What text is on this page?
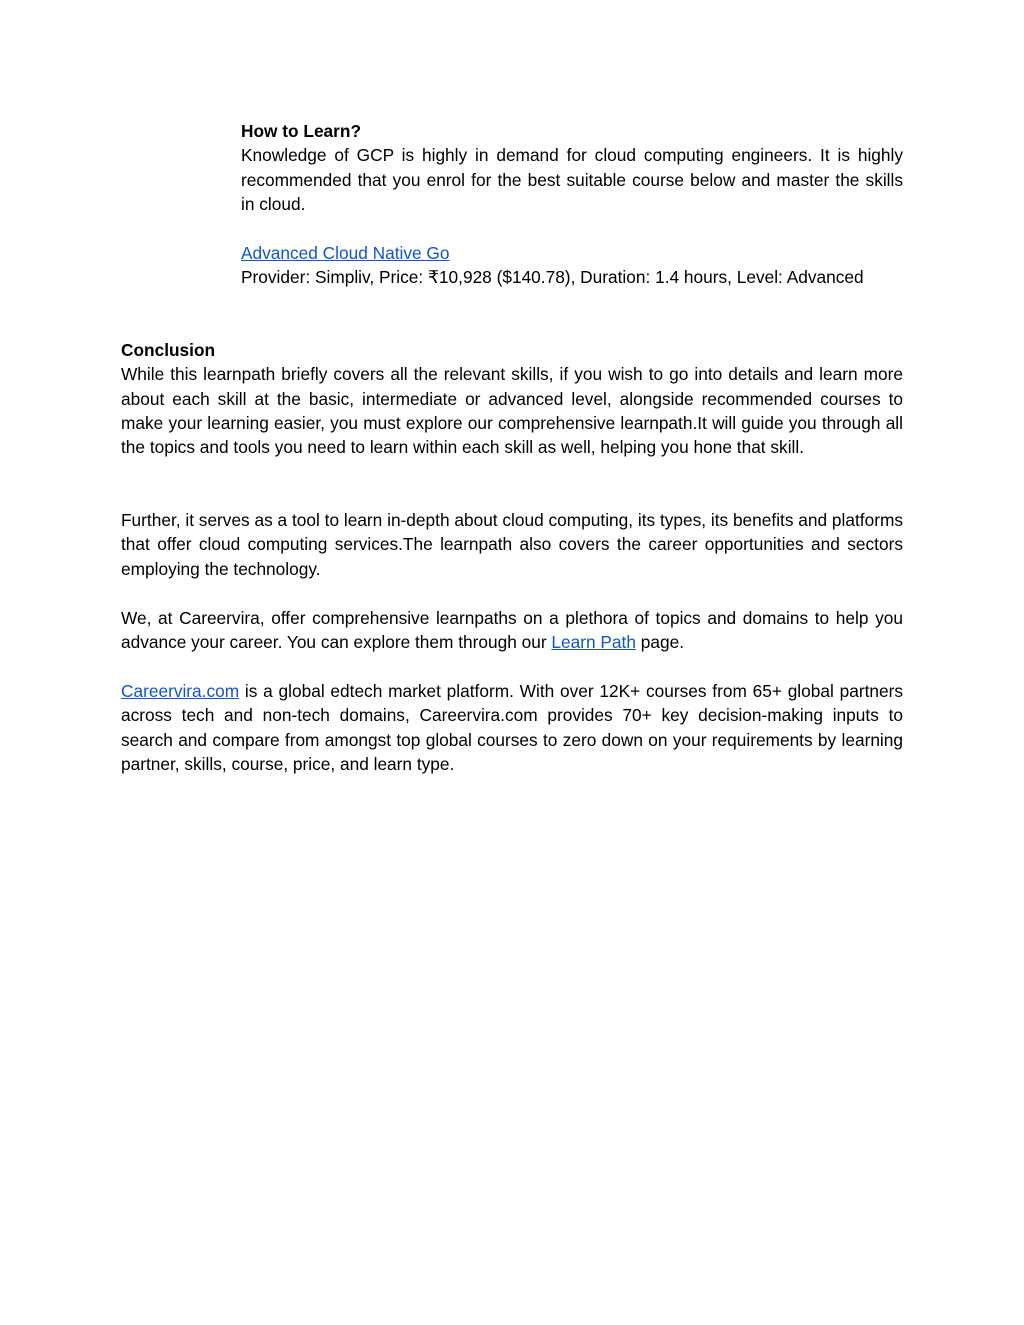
How to Learn?

Knowledge of GCP is highly in demand for cloud computing engineers. It is highly recommended that you enrol for the best suitable course below and master the skills in cloud.

Advanced Cloud Native Go

Provider: Simpliv, Price: ₹10,928 ($140.78), Duration: 1.4 hours, Level: Advanced

Conclusion

While this learnpath briefly covers all the relevant skills, if you wish to go into details and learn more about each skill at the basic, intermediate or advanced level, alongside recommended courses to make your learning easier, you must explore our comprehensive learnpath.It will guide you through all the topics and tools you need to learn within each skill as well, helping you hone that skill.

Further, it serves as a tool to learn in-depth about cloud computing, its types, its benefits and platforms that offer cloud computing services.The learnpath also covers the career opportunities and sectors employing the technology.

We, at Careervira, offer comprehensive learnpaths on a plethora of topics and domains to help you advance your career. You can explore them through our Learn Path page.

Careervira.com is a global edtech market platform. With over 12K+ courses from 65+ global partners across tech and non-tech domains, Careervira.com provides 70+ key decision-making inputs to search and compare from amongst top global courses to zero down on your requirements by learning partner, skills, course, price, and learn type.
